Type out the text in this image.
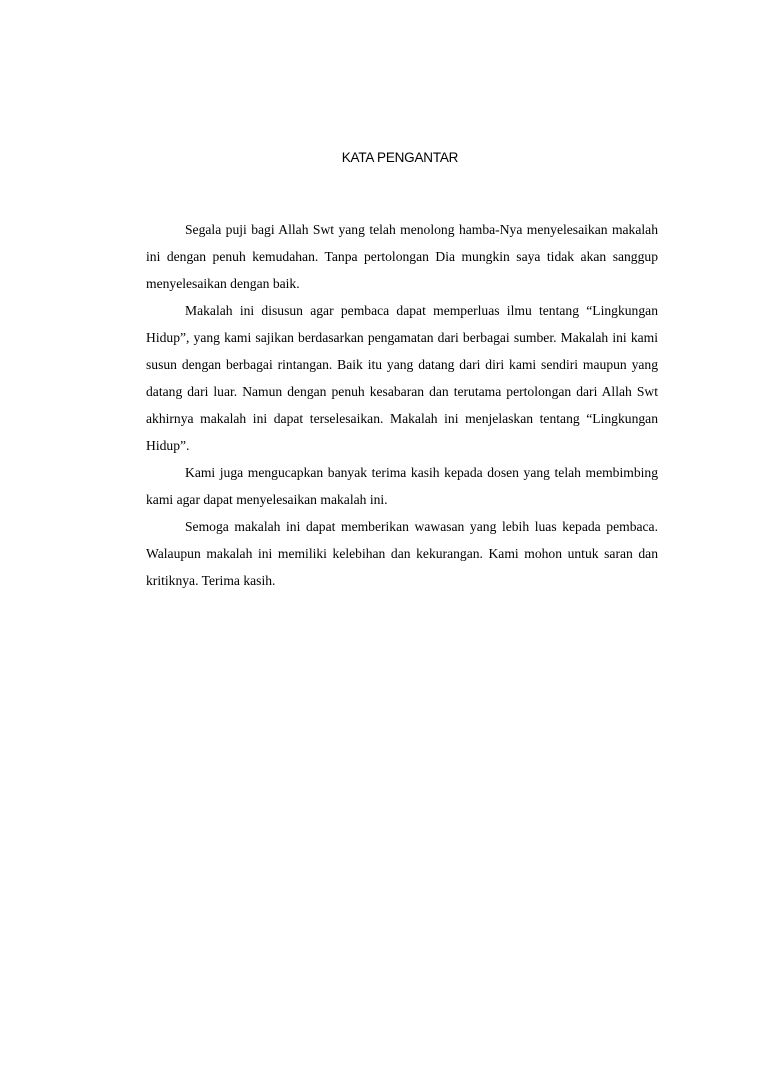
KATA PENGANTAR

Segala puji bagi Allah Swt yang telah menolong hamba-Nya menyelesaikan makalah ini dengan penuh kemudahan. Tanpa pertolongan Dia mungkin saya tidak akan sanggup menyelesaikan dengan baik.

Makalah ini disusun agar pembaca dapat memperluas ilmu tentang “Lingkungan Hidup”, yang kami sajikan berdasarkan pengamatan dari berbagai sumber. Makalah ini kami susun dengan berbagai rintangan. Baik itu yang datang dari diri kami sendiri maupun yang datang dari luar. Namun dengan penuh kesabaran dan terutama pertolongan dari Allah Swt akhirnya makalah ini dapat terselesaikan. Makalah ini menjelaskan tentang “Lingkungan Hidup”.

Kami juga mengucapkan banyak terima kasih kepada dosen yang telah membimbing kami agar dapat menyelesaikan makalah ini.

Semoga makalah ini dapat memberikan wawasan yang lebih luas kepada pembaca. Walaupun makalah ini memiliki kelebihan dan kekurangan. Kami mohon untuk saran dan kritiknya. Terima kasih.
